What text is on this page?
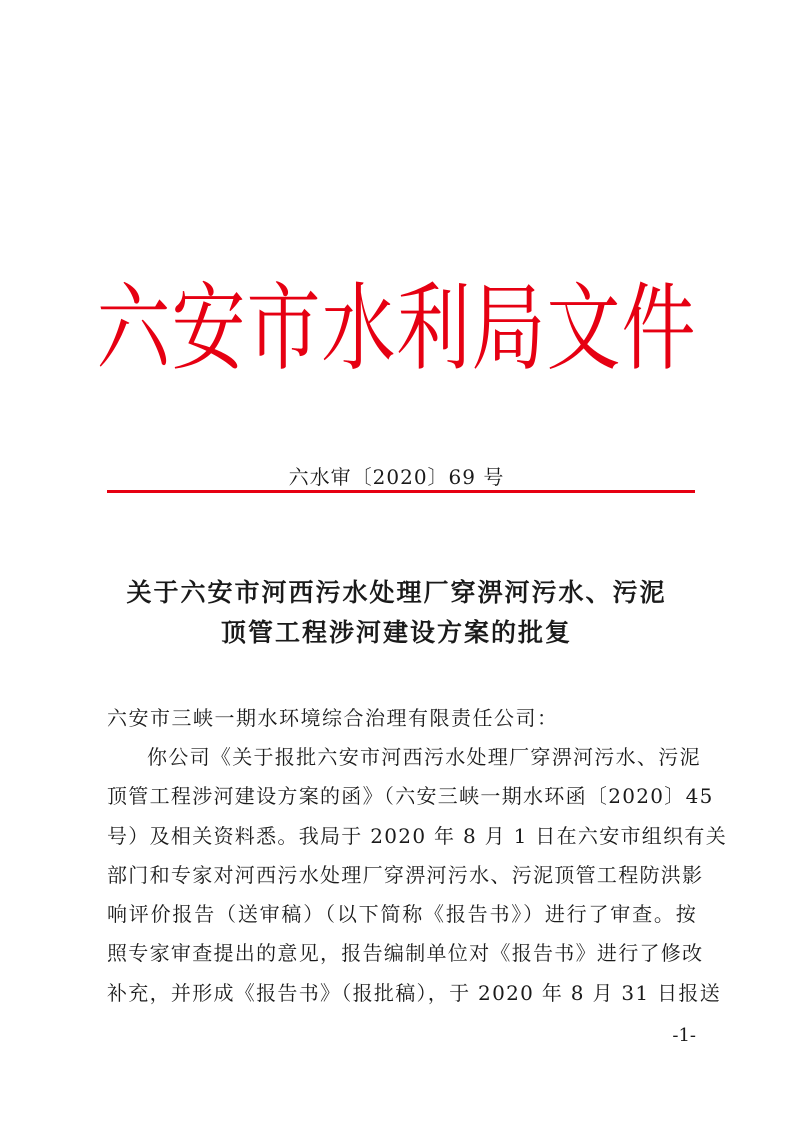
六安市水利局文件
六水审〔2020〕69 号
关于六安市河西污水处理厂穿淠河污水、污泥
顶管工程涉河建设方案的批复
六安市三峡一期水环境综合治理有限责任公司：
你公司《关于报批六安市河西污水处理厂穿淠河污水、污泥
顶管工程涉河建设方案的函》（六安三峡一期水环函〔2020〕45
号）及相关资料悉。我局于 2020 年 8 月 1 日在六安市组织有关
部门和专家对河西污水处理厂穿淠河污水、污泥顶管工程防洪影
响评价报告（送审稿）（以下简称《报告书》）进行了审查。按
照专家审查提出的意见，报告编制单位对《报告书》进行了修改
补充，并形成《报告书》（报批稿），于 2020 年 8 月 31 日报送
-1-
